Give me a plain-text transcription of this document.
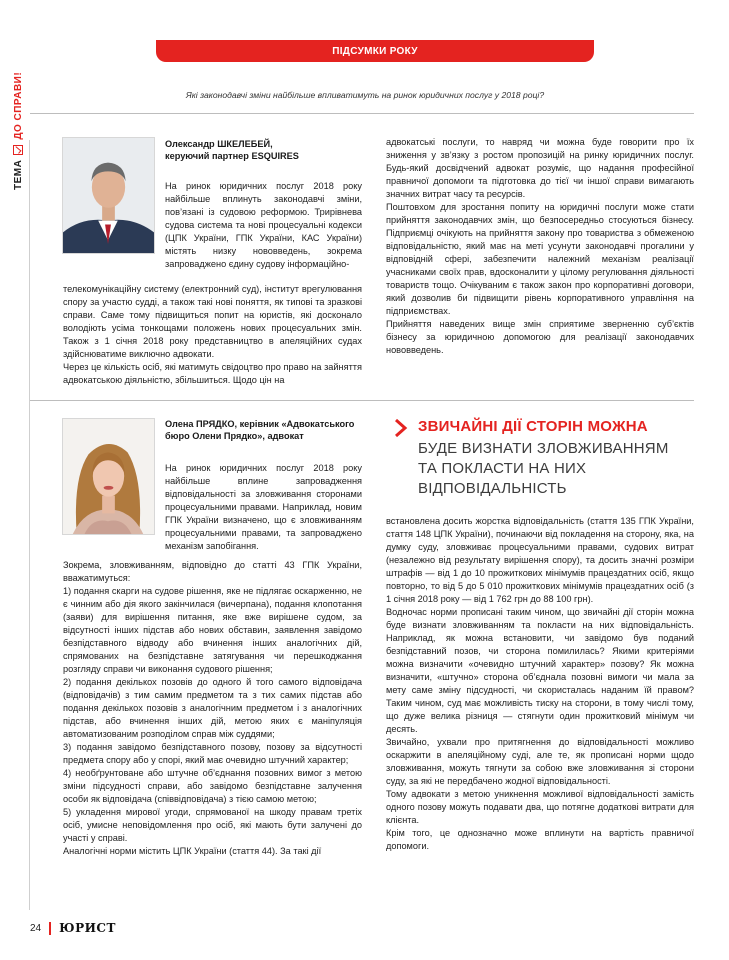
ТЕМА
ДО СПРАВИ!
ПІДСУМКИ РОКУ
Які законодавчі зміни найбільше впливатимуть на ринок юридичних послуг у 2018 році?

Олександр ШКЕЛЕБЕЙ,

керуючий партнер ESQUIRES

На ринок юридичних послуг 2018 року найбільше вплинуть законодавчі зміни, пов’язані із судовою реформою. Трирівнева судова система та нові процесуальні кодекси (ЦПК України, ГПК України, КАС України) містять низку нововведень, зокрема запроваджено єдину судову інформаційно-
телекомунікаційну систему (електронний суд), інститут врегулювання спору за участю судді, а також такі нові поняття, як типові та зразкові справи. Саме тому підвищиться попит на юристів, які досконало володіють усіма тонкощами положень нових процесуальних змін. Також з 1 січня 2018 року представництво в апеляційних судах здійснюватиме виключно адвокати.
Через це кількість осіб, які матимуть свідоцтво про право на зайняття адвокатською діяльністю, збільшиться. Щодо цін на

адвокатські послуги, то навряд чи можна буде говорити про їх зниження у зв’язку з ростом пропозицій на ринку юридичних послуг. Будь-який досвідчений адвокат розуміє, що надання професійної правничої допомоги та підготовка до тієї чи іншої справи вимагають значних витрат часу та ресурсів.

Поштовхом для зростання попиту на юридичні послуги може стати прийняття законодавчих змін, що безпосередньо стосуються бізнесу. Підприємці очікують на прийняття закону про товариства з обмеженою відповідальністю, який має на меті усунути законодавчі прогалини у відповідній сфері, забезпечити належний механізм реалізації учасниками своїх прав, вдосконалити у цілому регулювання діяльності товариств тощо. Очікуваним є також закон про корпоративні договори, який дозволив би підвищити рівень корпоративного управління на підприємствах.

Прийняття наведених вище змін сприятиме зверненню суб’єктів бізнесу за юридичною допомогою для реалізації законодавчих нововведень.

Олена ПРЯДКО, керівник «Адвокатського

бюро Олени Прядко», адвокат

На ринок юридичних послуг 2018 року найбільше вплине запровадження відповідальності за зловживання сторонами процесуальними правами. Наприклад, новим ГПК України визначено, що є зловживанням процесуальними правами, та запроваджено механізм запобігання.

Зокрема, зловживанням, відповідно до статті 43 ГПК України, вважатимуться:

1) подання скарги на судове рішення, яке не підлягає оскарженню, не є чинним або дія якого закінчилася (вичерпана), подання клопотання (заяви) для вирішення питання, яке вже вирішене судом, за відсутності інших підстав або нових обставин, заявлення завідомо безпідставного відводу або вчинення інших аналогічних дій, спрямованих на безпідставне затягування чи перешкоджання розгляду справи чи виконання судового рішення;

2) подання декількох позовів до одного й того самого відповідача (відповідачів) з тим самим предметом та з тих самих підстав або подання декількох позовів з аналогічним предметом і з аналогічних підстав, або вчинення інших дій, метою яких є маніпуляція автоматизованим розподілом справ між суддями;

3) подання завідомо безпідставного позову, позову за відсутності предмета спору або у спорі, який має очевидно штучний характер;

4) необґрунтоване або штучне об’єднання позовних вимог з метою зміни підсудності справи, або завідомо безпідставне залучення особи як відповідача (співвідповідача) з тією самою метою;

5) укладення мирової угоди, спрямованої на шкоду правам третіх осіб, умисне неповідомлення про осіб, які мають бути залучені до участі у справі.

Аналогічні норми містить ЦПК України (стаття 44). За такі дії

ЗВИЧАЙНІ ДІЇ СТОРІН МОЖНА
БУДЕ ВИЗНАТИ ЗЛОВЖИВАННЯМ
ТА ПОКЛАСТИ НА НИХ
ВІДПОВІДАЛЬНІСТЬ

встановлена досить жорстка відповідальність (стаття 135 ГПК України, стаття 148 ЦПК України), починаючи від покладення на сторону, яка, на думку суду, зловживає процесуальними правами, судових витрат (незалежно від результату вирішення спору), та досить значні розміри штрафів — від 1 до 10 прожиткових мінімумів працездатних осіб, якщо повторно, то від 5 до 5 010 прожиткових мінімумів працездатних осіб (з 1 січня 2018 року — від 1 762 грн до 88 100 грн).

Водночас норми прописані таким чином, що звичайні дії сторін можна буде визнати зловживанням та покласти на них відповідальність. Наприклад, як можна встановити, чи завідомо був поданий безпідставний позов, чи сторона помилилась? Якими критеріями можна визначити «очевидно штучний характер» позову? Як можна визначити, «штучно» сторона об’єднала позовні вимоги чи мала за мету саме зміну підсудності, чи скористалась наданим їй правом? Таким чином, суд має можливість тиску на сторони, в тому числі тому, що дуже велика різниця — стягнути один прожитковий мінімум чи десять.

Звичайно, ухвали про притягнення до відповідальності можливо оскаржити в апеляційному суді, але те, як прописані норми щодо зловживання, можуть тягнути за собою вже зловживання зі сторони суду, за які не передбачено жодної відповідальності.

Тому адвокати з метою уникнення можливої відповідальності замість одного позову можуть подавати два, що потягне додаткові витрати для клієнта.

Крім того, це однозначно може вплинути на вартість правничої допомоги.

24 ЮРИСТ
